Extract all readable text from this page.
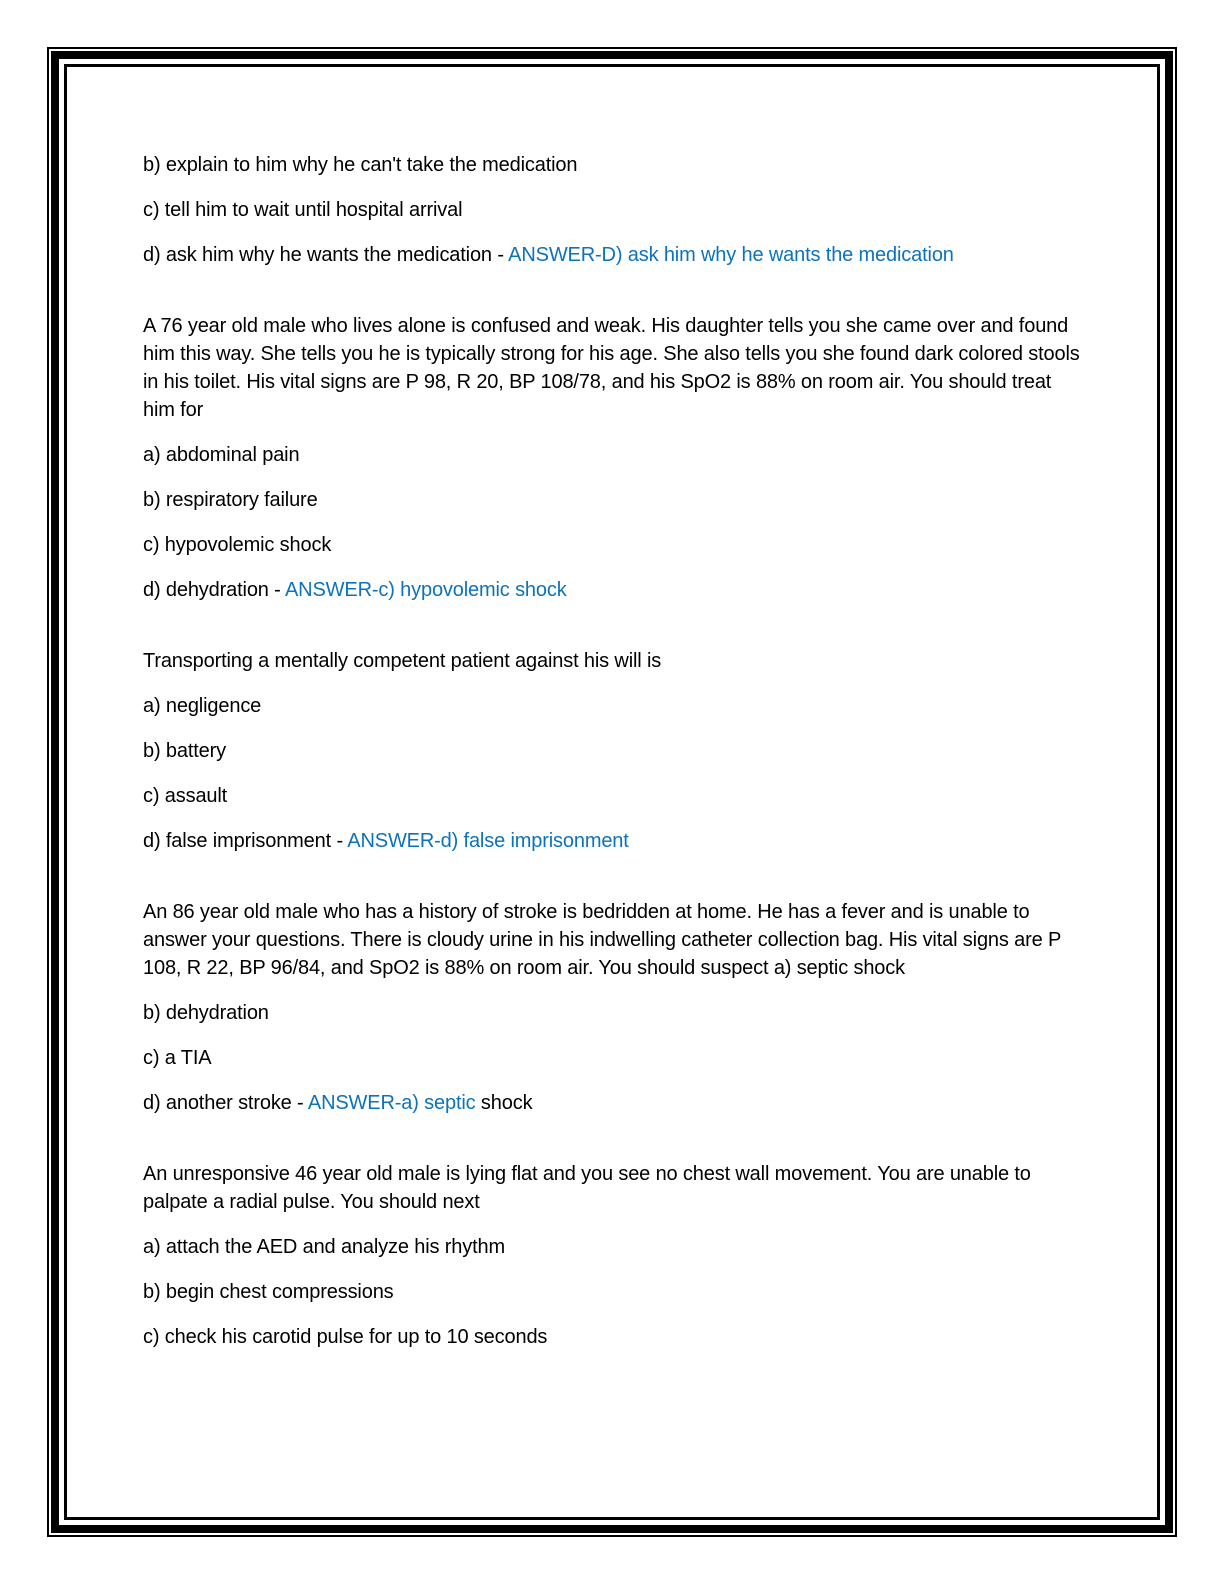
b) explain to him why he can't take the medication

c) tell him to wait until hospital arrival

d) ask him why he wants the medication - ANSWER-D) ask him why he wants the medication

A 76 year old male who lives alone is confused and weak. His daughter tells you she came over and found him this way. She tells you he is typically strong for his age. She also tells you she found dark colored stools in his toilet. His vital signs are P 98, R 20, BP 108/78, and his SpO2 is 88% on room air. You should treat him for

a) abdominal pain

b) respiratory failure

c) hypovolemic shock

d) dehydration - ANSWER-c) hypovolemic shock

Transporting a mentally competent patient against his will is

a) negligence

b) battery

c) assault

d) false imprisonment - ANSWER-d) false imprisonment

An 86 year old male who has a history of stroke is bedridden at home. He has a fever and is unable to answer your questions. There is cloudy urine in his indwelling catheter collection bag. His vital signs are P 108, R 22, BP 96/84, and SpO2 is 88% on room air. You should suspect a) septic shock

b) dehydration

c) a TIA

d) another stroke - ANSWER-a) septic shock

An unresponsive 46 year old male is lying flat and you see no chest wall movement. You are unable to palpate a radial pulse. You should next

a) attach the AED and analyze his rhythm

b) begin chest compressions

c) check his carotid pulse for up to 10 seconds
